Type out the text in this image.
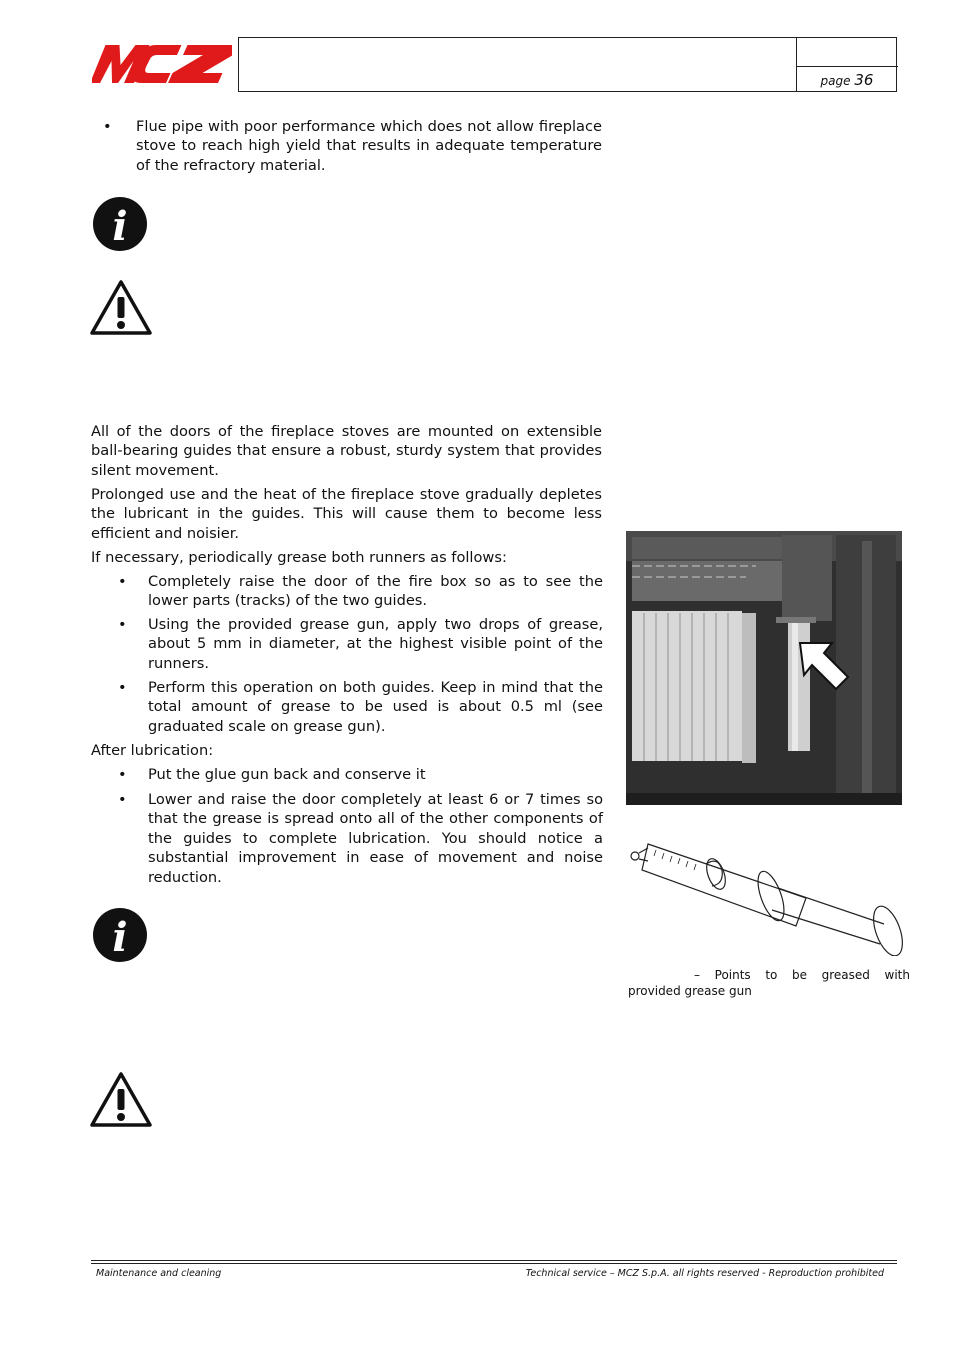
page 36
• Flue pipe with poor performance which does not allow fireplace stove to reach high yield that results in adequate temperature of the refractory material.
i
All of the doors of the fireplace stoves are mounted on extensible ball-bearing guides that ensure a robust, sturdy system that provides silent movement.
Prolonged use and the heat of the fireplace stove gradually depletes the lubricant in the guides. This will cause them to become less efficient and noisier.
If necessary, periodically grease both runners as follows:
• Completely raise the door of the fire box so as to see the lower parts (tracks) of the two guides.
• Using the provided grease gun, apply two drops of grease, about 5 mm in diameter, at the highest visible point of the runners.
• Perform this operation on both guides. Keep in mind that the total amount of grease to be used is about 0.5 ml (see graduated scale on grease gun).
After lubrication:
• Put the glue gun back and conserve it
• Lower and raise the door completely at least 6 or 7 times so that the grease is spread onto all of the other components of the guides to complete lubrication. You should notice a substantial improvement in ease of movement and noise reduction.
i
– Points to be greased with provided grease gun
Maintenance and cleaning	Technical service – MCZ S.p.A. all rights reserved - Reproduction prohibited
